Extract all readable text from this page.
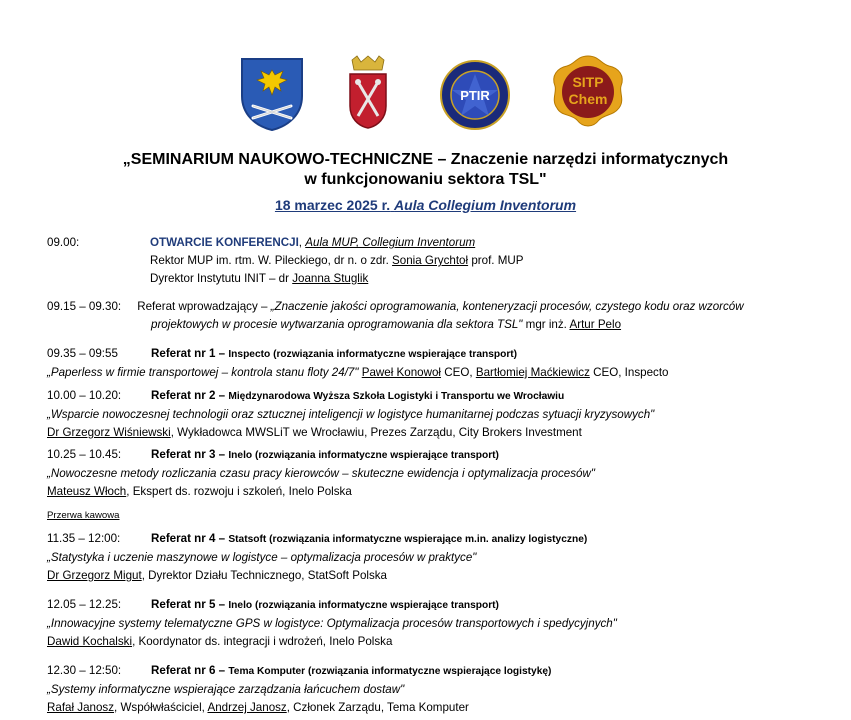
PTIR
SITP
Chem
„SEMINARIUM NAUKOWO-TECHNICZNE – Znaczenie narzędzi informatycznych
w funkcjonowaniu sektora TSL"
18 marzec 2025 r. Aula Collegium Inventorum
09.00:	OTWARCIE KONFERENCJI, Aula MUP, Collegium Inventorum
Rektor MUP im. rtm. W. Pileckiego, dr n. o zdr. Sonia Grychtoł prof. MUP
Dyrektor Instytutu INIT – dr Joanna Stuglik
09.15 – 09.30: Referat wprowadzający – „Znaczenie jakości oprogramowania, konteneryzacji procesów, czystego kodu oraz wzorców
projektowych w procesie wytwarzania oprogramowania dla sektora TSL" mgr inż. Artur Pelo
09.35 – 09:55	Referat nr 1 – Inspecto (rozwiązania informatyczne wspierające transport)
„Paperless w firmie transportowej – kontrola stanu floty 24/7" Paweł Konowoł CEO, Bartłomiej Maćkiewicz CEO, Inspecto
10.00 – 10.20:	Referat nr 2 – Międzynarodowa Wyższa Szkoła Logistyki i Transportu we Wrocławiu
„Wsparcie nowoczesnej technologii oraz sztucznej inteligencji w logistyce humanitarnej podczas sytuacji kryzysowych"
Dr Grzegorz Wiśniewski, Wykładowca MWSLiT we Wrocławiu, Prezes Zarządu, City Brokers Investment
10.25 – 10.45:	Referat nr 3 – Inelo (rozwiązania informatyczne wspierające transport)
„Nowoczesne metody rozliczania czasu pracy kierowców – skuteczne ewidencja i optymalizacja procesów"
Mateusz Włoch, Ekspert ds. rozwoju i szkoleń, Inelo Polska
Przerwa kawowa
11.35 – 12:00:	Referat nr 4 – Statsoft (rozwiązania informatyczne wspierające m.in. analizy logistyczne)
„Statystyka i uczenie maszynowe w logistyce – optymalizacja procesów w praktyce"
Dr Grzegorz Migut, Dyrektor Działu Technicznego, StatSoft Polska
12.05 – 12.25:	Referat nr 5 – Inelo (rozwiązania informatyczne wspierające transport)
„Innowacyjne systemy telematyczne GPS w logistyce: Optymalizacja procesów transportowych i spedycyjnych"
Dawid Kochalski, Koordynator ds. integracji i wdrożeń, Inelo Polska
12.30 – 12:50:	Referat nr 6 – Tema Komputer (rozwiązania informatyczne wspierające logistykę)
„Systemy informatyczne wspierające zarządzania łańcuchem dostaw"
Rafał Janosz, Współwłaściciel, Andrzej Janosz, Członek Zarządu, Tema Komputer
